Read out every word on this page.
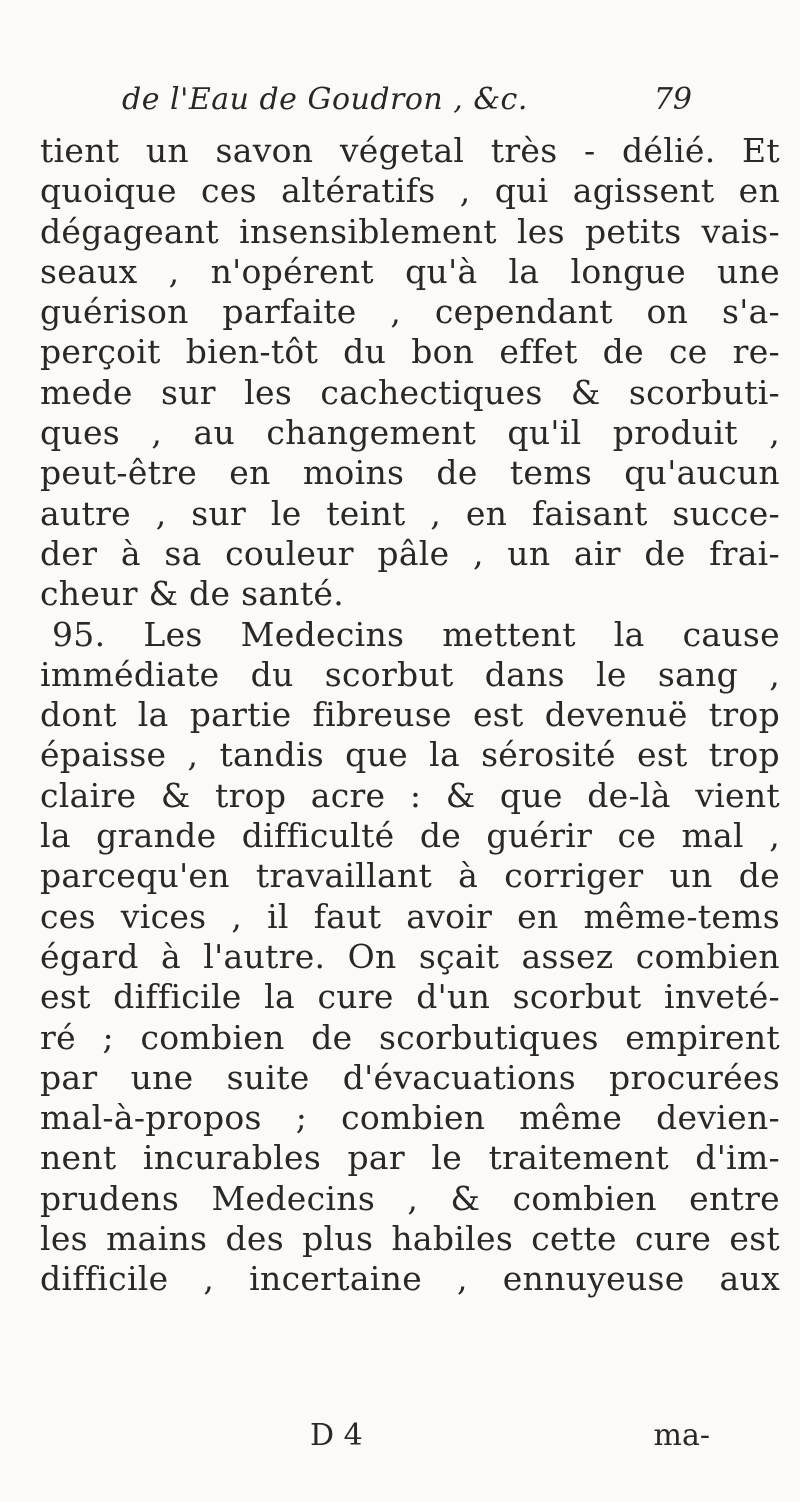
de l'Eau de Goudron , &c.	79
tient un savon végetal très - délié. Et
quoique ces altératifs , qui agissent en
dégageant insensiblement les petits vais-
seaux , n'opérent qu'à la longue une
guérison parfaite , cependant on s'a-
perçoit bien-tôt du bon effet de ce re-
mede sur les cachectiques & scorbuti-
ques , au changement qu'il produit ,
peut-être en moins de tems qu'aucun
autre , sur le teint , en faisant succe-
der à sa couleur pâle , un air de frai-
cheur & de santé.
95. Les Medecins mettent la cause
immédiate du scorbut dans le sang ,
dont la partie fibreuse est devenuë trop
épaisse , tandis que la sérosité est trop
claire & trop acre : & que de-là vient
la grande difficulté de guérir ce mal ,
parcequ'en travaillant à corriger un de
ces vices , il faut avoir en même-tems
égard à l'autre. On sçait assez combien
est difficile la cure d'un scorbut inveté-
ré ; combien de scorbutiques empirent
par une suite d'évacuations procurées
mal-à-propos ; combien même devien-
nent incurables par le traitement d'im-
prudens Medecins , & combien entre
les mains des plus habiles cette cure est
difficile , incertaine , ennuyeuse aux
D 4	ma-
